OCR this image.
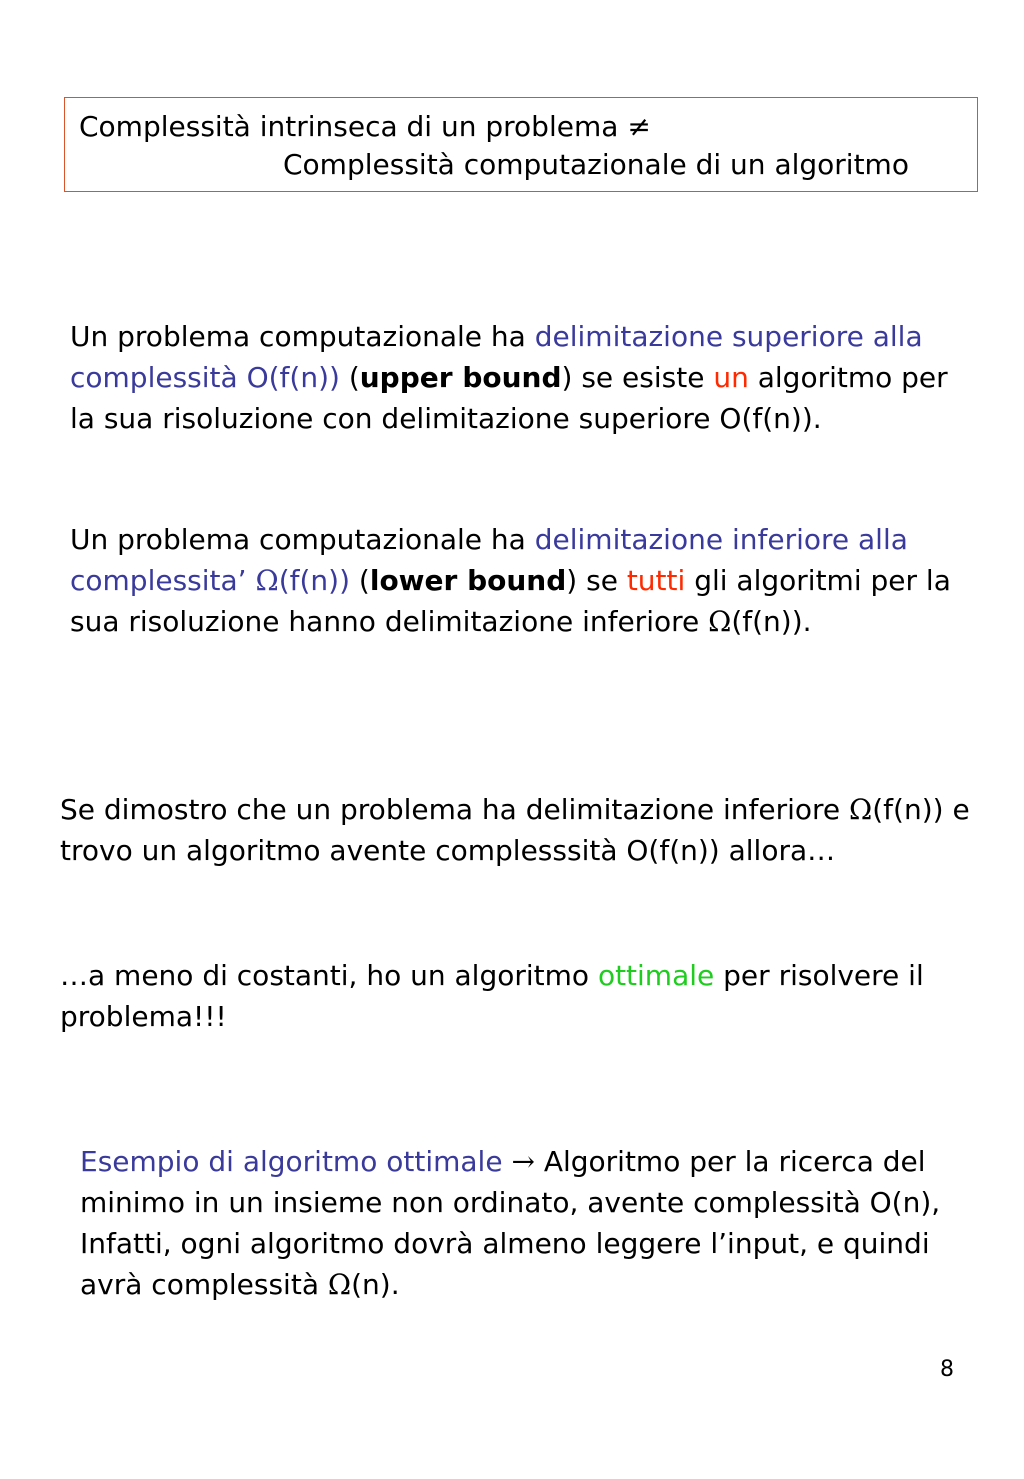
Complessità intrinseca di un problema ≠
Complessità computazionale di un algoritmo
Un problema computazionale ha delimitazione superiore alla complessità O(f(n)) (upper bound) se esiste un algoritmo per la sua risoluzione con delimitazione superiore O(f(n)).
Un problema computazionale ha delimitazione inferiore alla complessita’ Ω(f(n)) (lower bound) se tutti gli algoritmi per la sua risoluzione hanno delimitazione inferiore Ω(f(n)).
Se dimostro che un problema ha delimitazione inferiore Ω(f(n)) e trovo un algoritmo avente complesssità O(f(n)) allora…
…a meno di costanti, ho un algoritmo ottimale per risolvere il problema!!!
Esempio di algoritmo ottimale → Algoritmo per la ricerca del minimo in un insieme non ordinato, avente complessità O(n),
Infatti, ogni algoritmo dovrà almeno leggere l’input, e quindi avrà complessità Ω(n).
8
